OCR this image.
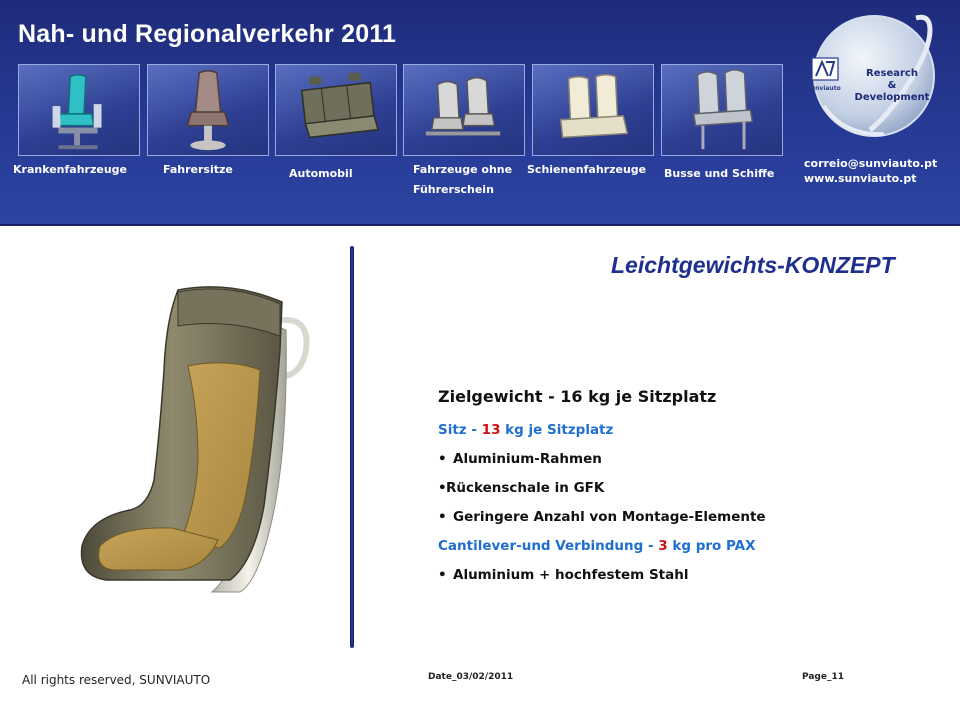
Nah- und Regionalverkehr 2011
Krankenfahrzeuge	Fahrersitze	Automobil	Fahrzeuge ohne Führerschein
Schienenfahrzeuge Busse und Schiffe
sunviauto
Research
&
Development
correio@sunviauto.pt
www.sunviauto.pt
Leichtgewichts-KONZEPT
Zielgewicht - 16 kg je Sitzplatz
Sitz - 13 kg je Sitzplatz
• Aluminium-Rahmen
•Rückenschale in GFK
• Geringere Anzahl von Montage-Elemente
Cantilever-und Verbindung - 3 kg pro PAX
• Aluminium + hochfestem Stahl
All rights reserved, SUNVIAUTO	Date_03/02/2011	Page_11
